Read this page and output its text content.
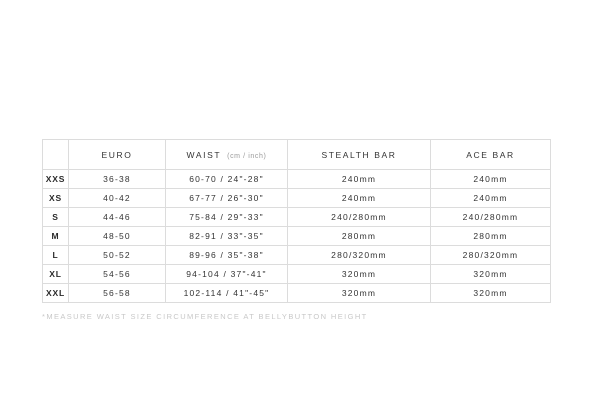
	EURO	WAIST (cm / inch)	STEALTH BAR	ACE BAR
XXS	36-38	60-70 / 24"-28"	240mm	240mm
XS	40-42	67-77 / 26"-30"	240mm	240mm
S	44-46	75-84 / 29"-33"	240/280mm	240/280mm
M	48-50	82-91 / 33"-35"	280mm	280mm
L	50-52	89-96 / 35"-38"	280/320mm	280/320mm
XL	54-56	94-104 / 37"-41"	320mm	320mm
XXL	56-58	102-114 / 41"-45"	320mm	320mm
*MEASURE WAIST SIZE CIRCUMFERENCE AT BELLYBUTTON HEIGHT
